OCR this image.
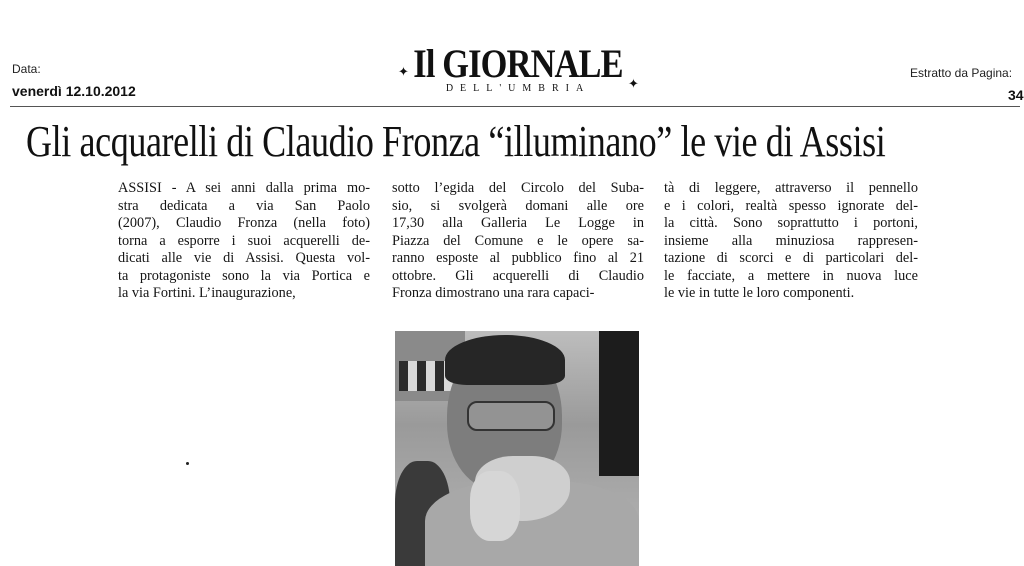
Data:
venerdì 12.10.2012
Il GIORNALE
DELL'UMBRIA
✦
✦
Estratto da Pagina:
34
Gli acquarelli di Claudio Fronza “illuminano” le vie di Assisi
ASSISI - A sei anni dalla prima mo-
stra dedicata a via San Paolo
(2007), Claudio Fronza (nella foto)
torna a esporre i suoi acquerelli de-
dicati alle vie di Assisi. Questa vol-
ta protagoniste sono la via Portica e
la via Fortini. L’inaugurazione,
sotto l’egida del Circolo del Suba-
sio, si svolgerà domani alle ore
17,30 alla Galleria Le Logge in
Piazza del Comune e le opere sa-
ranno esposte al pubblico fino al 21
ottobre. Gli acquerelli di Claudio
Fronza dimostrano una rara capaci-
tà di leggere, attraverso il pennello
e i colori, realtà spesso ignorate del-
la città. Sono soprattutto i portoni,
insieme alla minuziosa rappresen-
tazione di scorci e di particolari del-
le facciate, a mettere in nuova luce
le vie in tutte le loro componenti.
